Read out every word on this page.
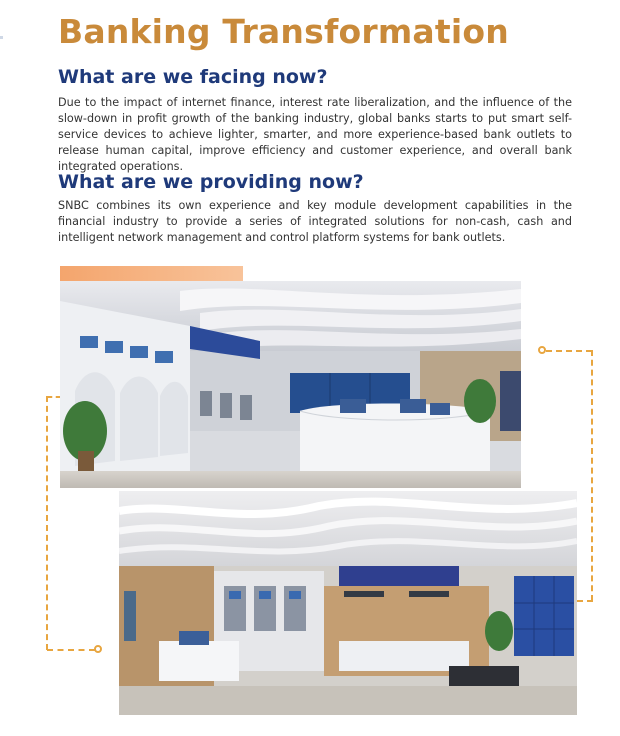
Banking Transformation
What are we facing now?
Due to the impact of internet finance, interest rate liberalization, and the influence of the slow-down in profit growth of the banking industry, global banks starts to put smart self-service devices to achieve lighter, smarter, and more experience-based bank outlets to release human capital, improve efficiency and customer experience, and overall bank integrated operations.
What are we providing now?
SNBC combines its own experience and key module development capabilities in the financial industry to provide a series of integrated solutions for non-cash, cash and intelligent network management and control platform systems for bank outlets.
